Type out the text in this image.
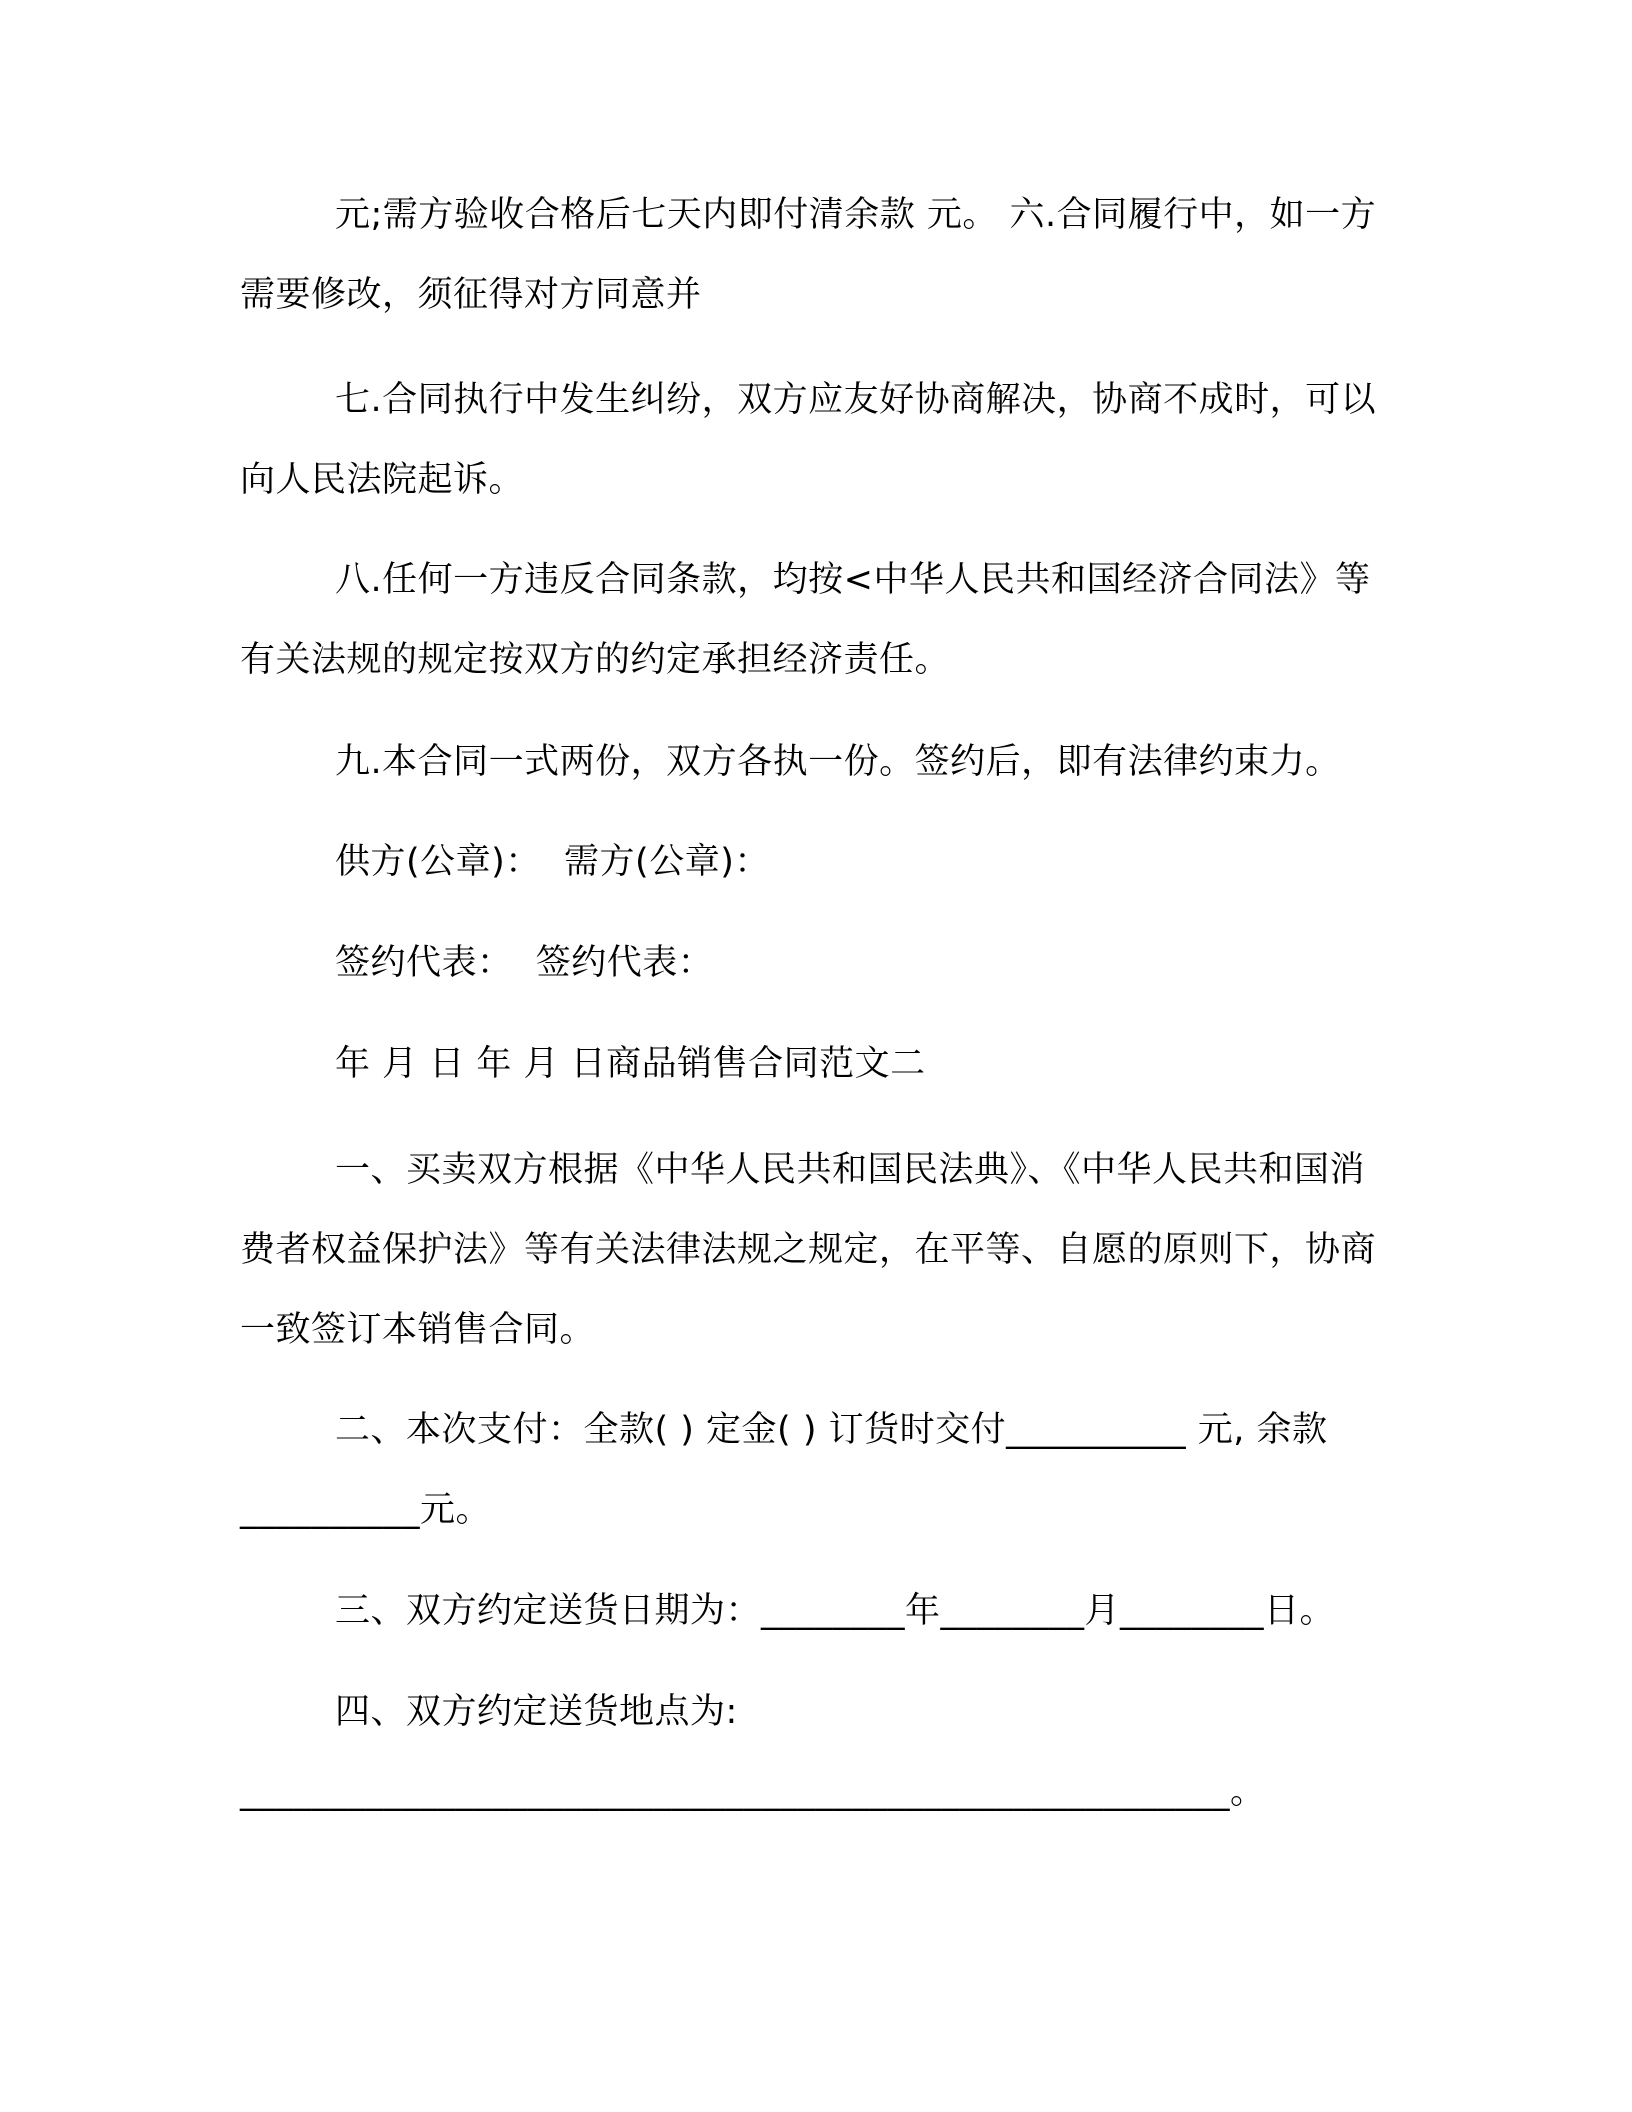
元;需方验收合格后七天内即付清余款 元。 六.合同履行中，如一方需要修改，须征得对方同意并

七.合同执行中发生纠纷，双方应友好协商解决，协商不成时，可以向人民法院起诉。

八.任何一方违反合同条款，均按<中华人民共和国经济合同法》等有关法规的规定按双方的约定承担经济责任。

九.本合同一式两份，双方各执一份。签约后，即有法律约束力。

供方(公章)：  需方(公章)：

签约代表：  签约代表：

年 月 日 年 月 日商品销售合同范文二

一、买卖双方根据《中华人民共和国民法典》、《中华人民共和国消费者权益保护法》等有关法律法规之规定，在平等、自愿的原则下，协商一致签订本销售合同。

二、本次支付：全款( ) 定金( ) 订货时交付__________ 元, 余款__________元。

三、双方约定送货日期为：________年________月________日。

四、双方约定送货地点为:

_______________________________________________________。
